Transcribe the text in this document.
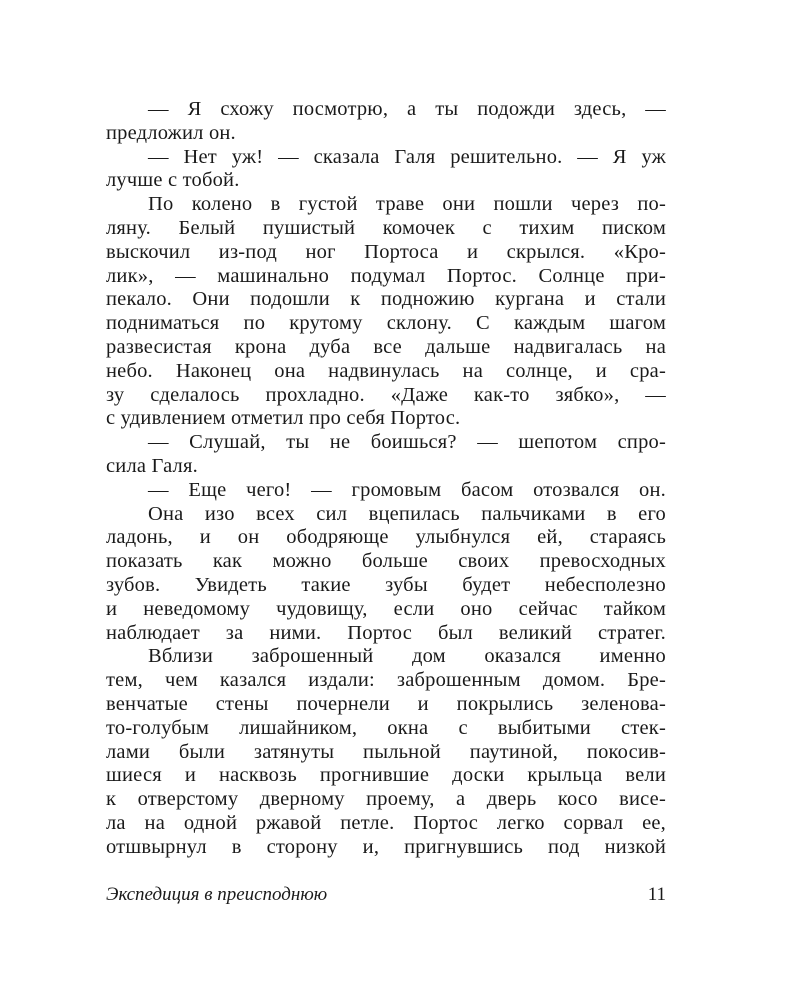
— Я схожу посмотрю, а ты подожди здесь, —
предложил он.
— Нет уж! — сказала Галя решительно. — Я уж
лучше с тобой.
По колено в густой траве они пошли через по-
ляну. Белый пушистый комочек с тихим писком
выскочил из-под ног Портоса и скрылся. «Кро-
лик», — машинально подумал Портос. Солнце при-
пекало. Они подошли к подножию кургана и стали
подниматься по крутому склону. С каждым шагом
развесистая крона дуба все дальше надвигалась на
небо. Наконец она надвинулась на солнце, и сра-
зу сделалось прохладно. «Даже как-то зябко», —
с удивлением отметил про себя Портос.
— Слушай, ты не боишься? — шепотом спро-
сила Галя.
— Еще чего! — громовым басом отозвался он.
Она изо всех сил вцепилась пальчиками в его
ладонь, и он ободряюще улыбнулся ей, стараясь
показать как можно больше своих превосходных
зубов. Увидеть такие зубы будет небесполезно
и неведомому чудовищу, если оно сейчас тайком
наблюдает за ними. Портос был великий стратег.
Вблизи заброшенный дом оказался именно
тем, чем казался издали: заброшенным домом. Бре-
венчатые стены почернели и покрылись зеленова-
то-голубым лишайником, окна с выбитыми стек-
лами были затянуты пыльной паутиной, покосив-
шиеся и насквозь прогнившие доски крыльца вели
к отверстому дверному проему, а дверь косо висе-
ла на одной ржавой петле. Портос легко сорвал ее,
отшвырнул в сторону и, пригнувшись под низкой
Экспедиция в преисподнюю	11
